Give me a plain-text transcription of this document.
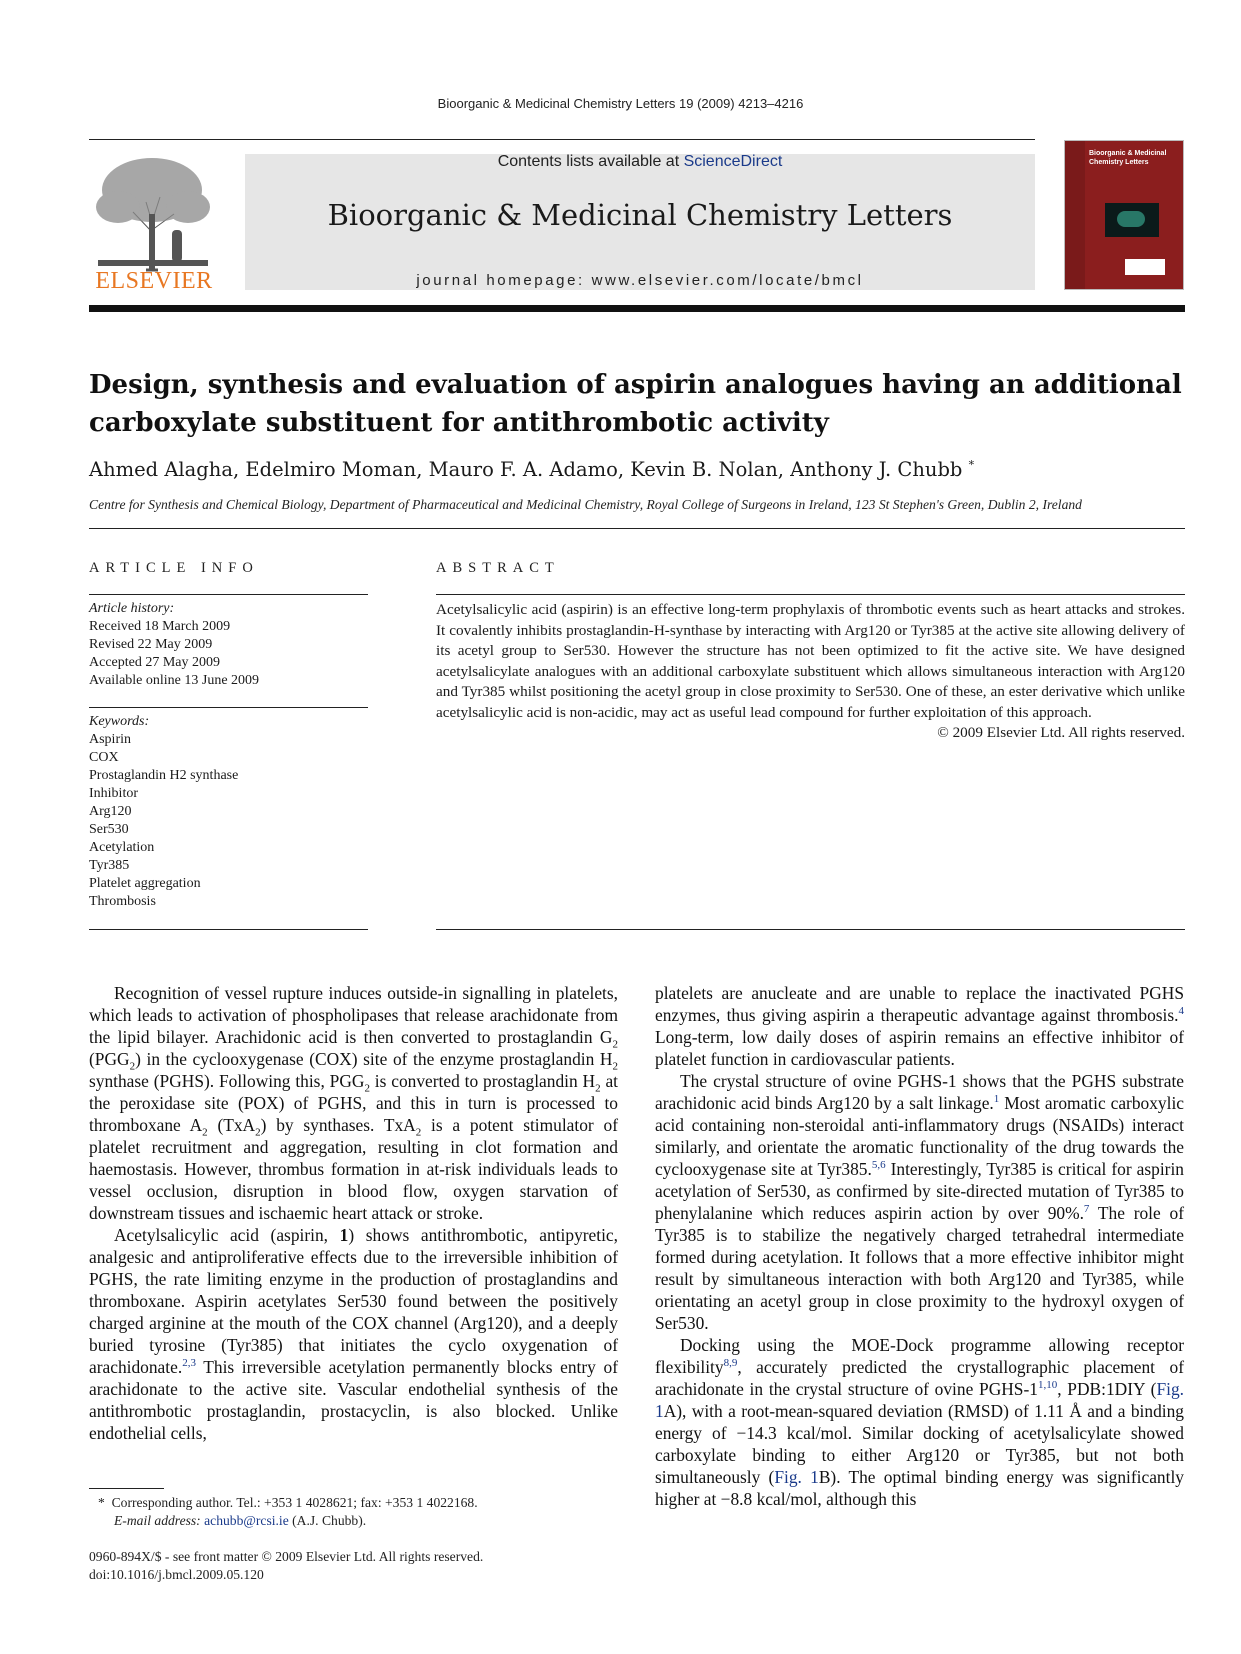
Bioorganic & Medicinal Chemistry Letters 19 (2009) 4213–4216
ELSEVIER
Contents lists available at ScienceDirect
Bioorganic & Medicinal Chemistry Letters
journal homepage: www.elsevier.com/locate/bmcl
Bioorganic & Medicinal Chemistry Letters
Design, synthesis and evaluation of aspirin analogues having an additional carboxylate substituent for antithrombotic activity
Ahmed Alagha, Edelmiro Moman, Mauro F. A. Adamo, Kevin B. Nolan, Anthony J. Chubb *
Centre for Synthesis and Chemical Biology, Department of Pharmaceutical and Medicinal Chemistry, Royal College of Surgeons in Ireland, 123 St Stephen's Green, Dublin 2, Ireland
ARTICLE INFO
Article history:
Received 18 March 2009
Revised 22 May 2009
Accepted 27 May 2009
Available online 13 June 2009
Keywords:
Aspirin
COX
Prostaglandin H2 synthase
Inhibitor
Arg120
Ser530
Acetylation
Tyr385
Platelet aggregation
Thrombosis
ABSTRACT
Acetylsalicylic acid (aspirin) is an effective long-term prophylaxis of thrombotic events such as heart attacks and strokes. It covalently inhibits prostaglandin-H-synthase by interacting with Arg120 or Tyr385 at the active site allowing delivery of its acetyl group to Ser530. However the structure has not been optimized to fit the active site. We have designed acetylsalicylate analogues with an additional carboxylate substituent which allows simultaneous interaction with Arg120 and Tyr385 whilst positioning the acetyl group in close proximity to Ser530. One of these, an ester derivative which unlike acetylsalicylic acid is non-acidic, may act as useful lead compound for further exploitation of this approach.
© 2009 Elsevier Ltd. All rights reserved.

Recognition of vessel rupture induces outside-in signalling in platelets, which leads to activation of phospholipases that release arachidonate from the lipid bilayer. Arachidonic acid is then converted to prostaglandin $G_2$ $(PGG_2)$ in the cyclooxygenase (COX) site of the enzyme prostaglandin $H_2$ synthase (PGHS). Following this, $PGG_2$ is converted to prostaglandin $H_2$ at the peroxidase site (POX) of PGHS, and this in turn is processed to thromboxane $A_2$ (TxA$_2$) by synthases. TxA$_2$ is a potent stimulator of platelet recruitment and aggregation, resulting in clot formation and haemostasis. However, thrombus formation in at-risk individuals leads to vessel occlusion, disruption in blood flow, oxygen starvation of downstream tissues and ischaemic heart attack or stroke.

Acetylsalicylic acid (aspirin, 1) shows antithrombotic, antipyretic, analgesic and antiproliferative effects due to the irreversible inhibition of PGHS, the rate limiting enzyme in the production of prostaglandins and thromboxane. Aspirin acetylates Ser530 found between the positively charged arginine at the mouth of the COX channel (Arg120), and a deeply buried tyrosine (Tyr385) that initiates the cyclo oxygenation of arachidonate.$^{2,3}$ This irreversible acetylation permanently blocks entry of arachidonate to the active site. Vascular endothelial synthesis of the antithrombotic prostaglandin, prostacyclin, is also blocked. Unlike endothelial cells,

platelets are anucleate and are unable to replace the inactivated PGHS enzymes, thus giving aspirin a therapeutic advantage against thrombosis.$^4$ Long-term, low daily doses of aspirin remains an effective inhibitor of platelet function in cardiovascular patients.

The crystal structure of ovine PGHS-1 shows that the PGHS substrate arachidonic acid binds Arg120 by a salt linkage.$^1$ Most aromatic carboxylic acid containing non-steroidal anti-inflammatory drugs (NSAIDs) interact similarly, and orientate the aromatic functionality of the drug towards the cyclooxygenase site at Tyr385.$^{5,6}$ Interestingly, Tyr385 is critical for aspirin acetylation of Ser530, as confirmed by site-directed mutation of Tyr385 to phenylalanine which reduces aspirin action by over 90%.$^7$ The role of Tyr385 is to stabilize the negatively charged tetrahedral intermediate formed during acetylation. It follows that a more effective inhibitor might result by simultaneous interaction with both Arg120 and Tyr385, while orientating an acetyl group in close proximity to the hydroxyl oxygen of Ser530.

Docking using the MOE-Dock programme allowing receptor flexibility$^{8,9}$, accurately predicted the crystallographic placement of arachidonate in the crystal structure of ovine PGHS-1$^{1,10}$, PDB:1DIY (Fig. 1A), with a root-mean-squared deviation (RMSD) of 1.11 Å and a binding energy of −14.3 kcal/mol. Similar docking of acetylsalicylate showed carboxylate binding to either Arg120 or Tyr385, but not both simultaneously (Fig. 1B). The optimal binding energy was significantly higher at −8.8 kcal/mol, although this

* Corresponding author. Tel.: +353 1 4028621; fax: +353 1 4022168.
E-mail address: achubb@rcsi.ie (A.J. Chubb).
0960-894X/$ - see front matter © 2009 Elsevier Ltd. All rights reserved.
doi:10.1016/j.bmcl.2009.05.120
